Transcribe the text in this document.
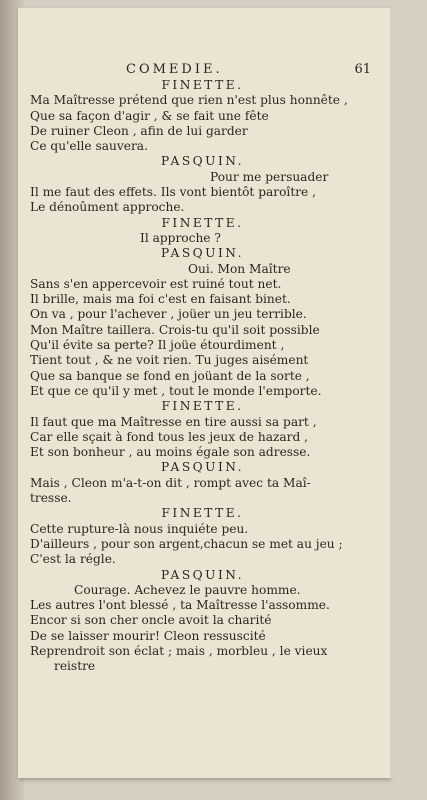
COMEDIE.	61
FINETTE.
Ma Maîtresse prétend que rien n'est plus honnête ,
Que sa façon d'agir , & se fait une fête
De ruiner Cleon , afin de lui garder
Ce qu'elle sauvera.
PASQUIN.
Pour me persuader
Il me faut des effets. Ils vont bientôt paroître ,
Le dénoûment approche.
FINETTE.
Il approche ?
PASQUIN.
Oui. Mon Maître
Sans s'en appercevoir est ruiné tout net.
Il brille, mais ma foi c'est en faisant binet.
On va , pour l'achever , joüer un jeu terrible.
Mon Maître taillera. Crois-tu qu'il soit possible
Qu'il évite sa perte? Il joüe étourdiment ,
Tient tout , & ne voit rien. Tu juges aisément
Que sa banque se fond en joüant de la sorte ,
Et que ce qu'il y met , tout le monde l'emporte.
FINETTE.
Il faut que ma Maîtresse en tire aussi sa part ,
Car elle sçait à fond tous les jeux de hazard ,
Et son bonheur , au moins égale son adresse.
PASQUIN.
Mais , Cleon m'a-t-on dit , rompt avec ta Maî-
tresse.
FINETTE.
Cette rupture-là nous inquiéte peu.
D'ailleurs , pour son argent,chacun se met au jeu ;
C'est la régle.
PASQUIN.
Courage. Achevez le pauvre homme.
Les autres l'ont blessé , ta Maîtresse l'assomme.
Encor si son cher oncle avoit la charité
De se laisser mourir! Cleon ressuscité
Reprendroit son éclat ; mais , morbleu , le vieux
reistre
